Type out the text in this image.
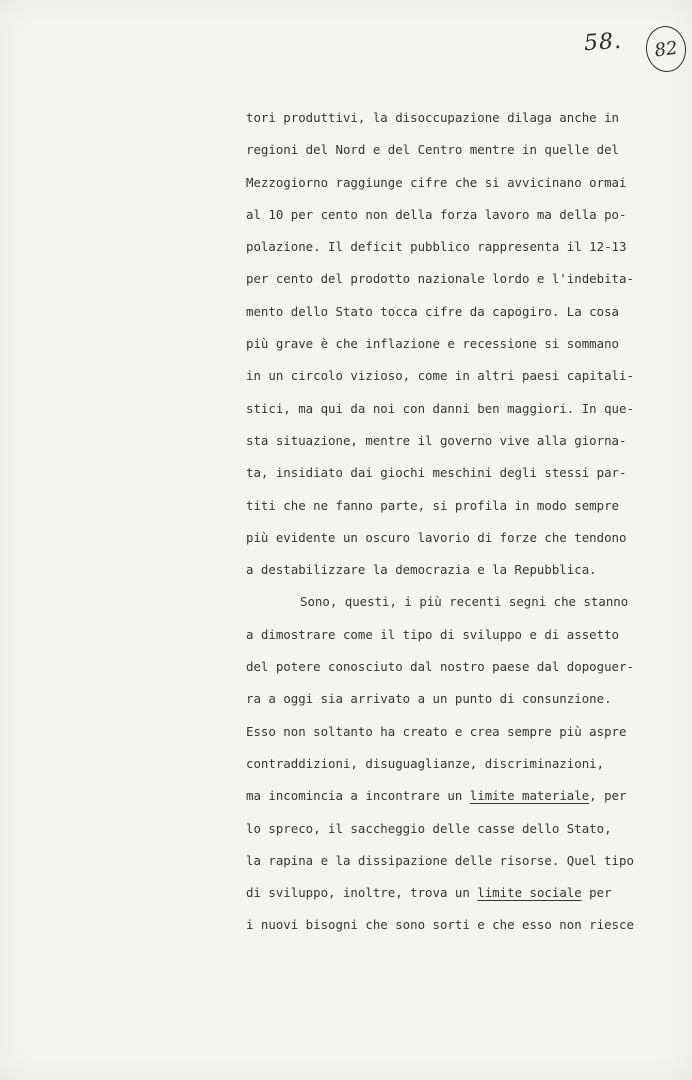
58. 82
tori produttivi, la disoccupazione dilaga anche in
regioni del Nord e del Centro mentre in quelle del
Mezzogiorno raggiunge cifre che si avvicinano ormai
al 10 per cento non della forza lavoro ma della po-
polazione. Il deficit pubblico rappresenta il 12-13
per cento del prodotto nazionale lordo e l'indebita-
mento dello Stato tocca cifre da capogiro. La cosa
più grave è che inflazione e recessione si sommano
in un circolo vizioso, come in altri paesi capitali-
stici, ma qui da noi con danni ben maggiori. In que-
sta situazione, mentre il governo vive alla giorna-
ta, insidiato dai giochi meschini degli stessi par-
titi che ne fanno parte, si profila in modo sempre
più evidente un oscuro lavorio di forze che tendono
a destabilizzare la democrazia e la Repubblica.
Sono, questi, i più recenti segni che stanno
a dimostrare come il tipo di sviluppo e di assetto
del potere conosciuto dal nostro paese dal dopoguer-
ra a oggi sia arrivato a un punto di consunzione.
Esso non soltanto ha creato e crea sempre più aspre
contraddizioni, disuguaglianze, discriminazioni,
ma incomincia a incontrare un limite materiale, per
lo spreco, il saccheggio delle casse dello Stato,
la rapina e la dissipazione delle risorse. Quel tipo
di sviluppo, inoltre, trova un limite sociale per
i nuovi bisogni che sono sorti e che esso non riesce
